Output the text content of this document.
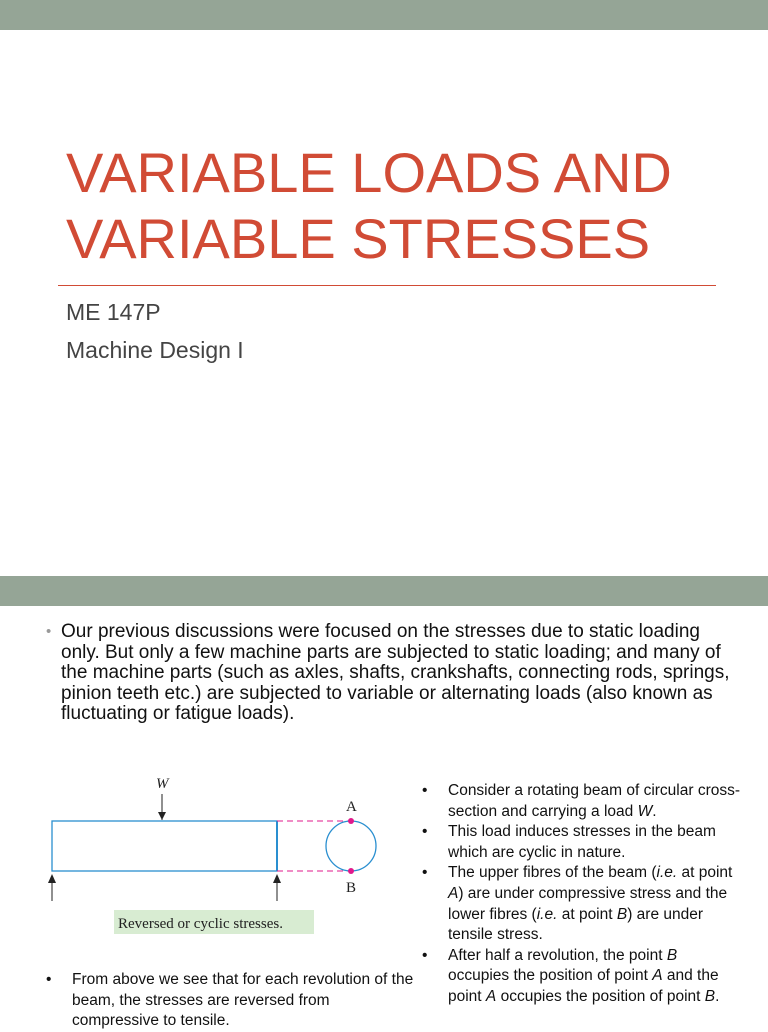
VARIABLE LOADS AND VARIABLE STRESSES
ME 147P
Machine Design I
• Our previous discussions were focused on the stresses due to static loading only. But only a few machine parts are subjected to static loading; and many of the machine parts (such as axles, shafts, crankshafts, connecting rods, springs, pinion teeth etc.) are subjected to variable or alternating loads (also known as fluctuating or fatigue loads).
W
A
B
Reversed or cyclic stresses.
• Consider a rotating beam of circular cross-section and carrying a load W.
• This load induces stresses in the beam which are cyclic in nature.
• The upper fibres of the beam (i.e. at point A) are under compressive stress and the lower fibres (i.e. at point B) are under tensile stress.
• After half a revolution, the point B occupies the position of point A and the point A occupies the position of point B.
• From above we see that for each revolution of the beam, the stresses are reversed from compressive to tensile.
